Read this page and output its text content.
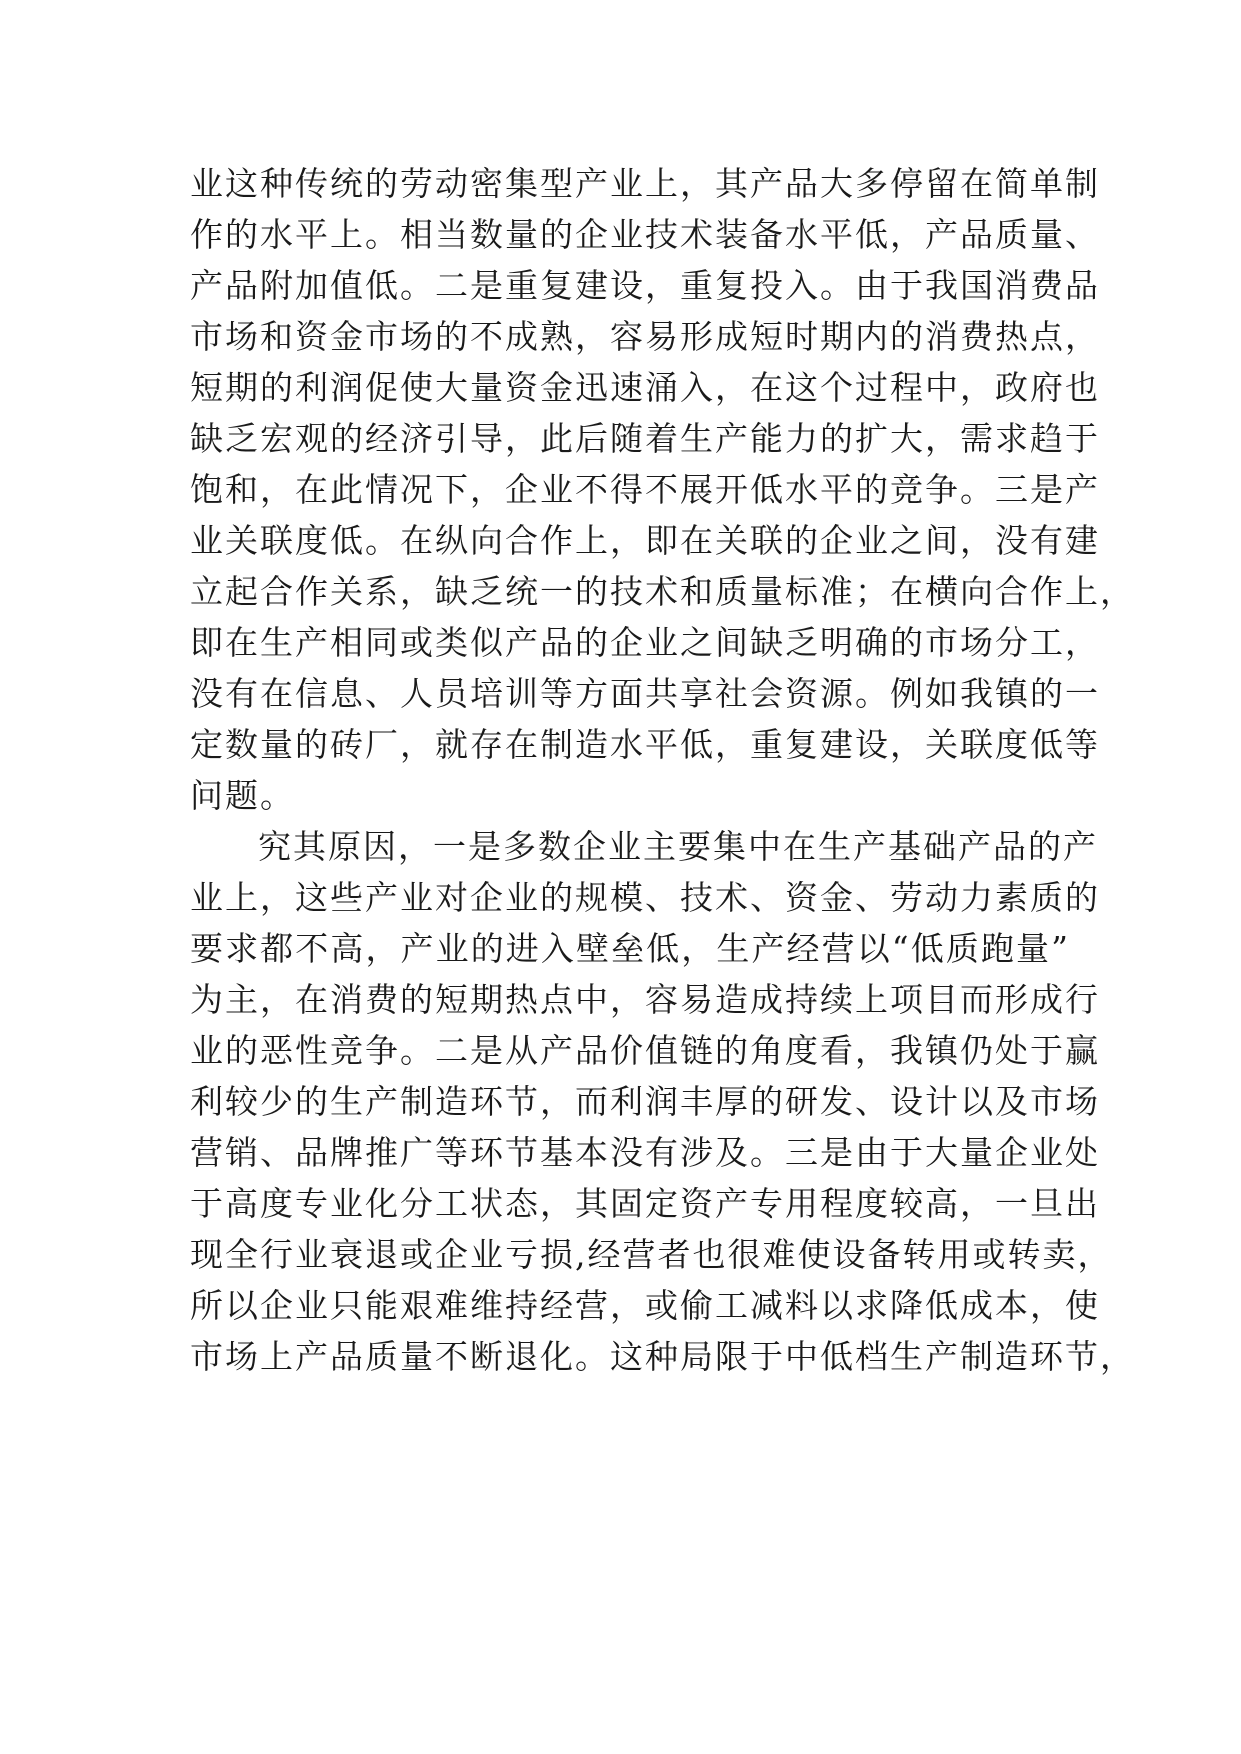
业这种传统的劳动密集型产业上，其产品大多停留在简单制
作的水平上。相当数量的企业技术装备水平低，产品质量、
产品附加值低。二是重复建设，重复投入。由于我国消费品
市场和资金市场的不成熟，容易形成短时期内的消费热点，
短期的利润促使大量资金迅速涌入，在这个过程中，政府也
缺乏宏观的经济引导，此后随着生产能力的扩大，需求趋于
饱和，在此情况下，企业不得不展开低水平的竞争。三是产
业关联度低。在纵向合作上，即在关联的企业之间，没有建
立起合作关系，缺乏统一的技术和质量标准；在横向合作上，
即在生产相同或类似产品的企业之间缺乏明确的市场分工，
没有在信息、人员培训等方面共享社会资源。例如我镇的一
定数量的砖厂，就存在制造水平低，重复建设，关联度低等
问题。
究其原因，一是多数企业主要集中在生产基础产品的产
业上，这些产业对企业的规模、技术、资金、劳动力素质的
要求都不高，产业的进入壁垒低，生产经营以“低质跑量”
为主，在消费的短期热点中，容易造成持续上项目而形成行
业的恶性竞争。二是从产品价值链的角度看，我镇仍处于赢
利较少的生产制造环节，而利润丰厚的研发、设计以及市场
营销、品牌推广等环节基本没有涉及。三是由于大量企业处
于高度专业化分工状态，其固定资产专用程度较高，一旦出
现全行业衰退或企业亏损,经营者也很难使设备转用或转卖，
所以企业只能艰难维持经营，或偷工减料以求降低成本，使
市场上产品质量不断退化。这种局限于中低档生产制造环节，
